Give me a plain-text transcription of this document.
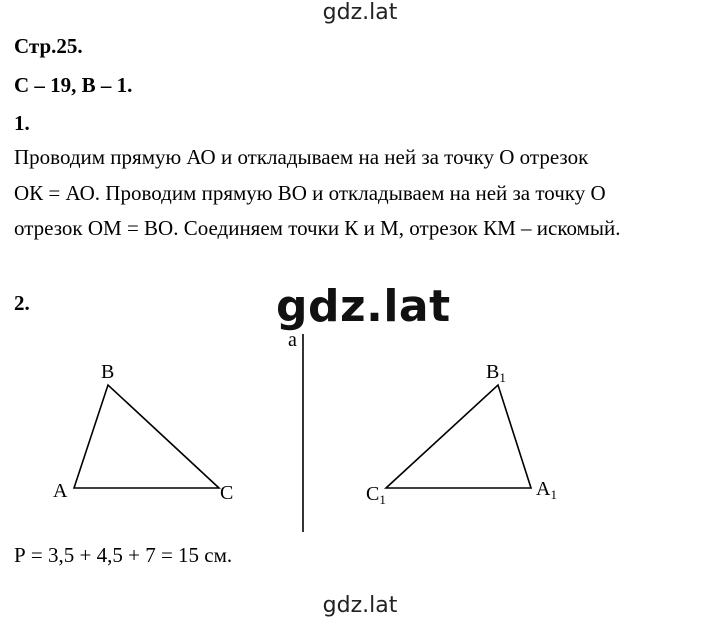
gdz.lat
Стр.25.
С – 19, В – 1.
1.
Проводим прямую АО и откладываем на ней за точку О отрезок
ОК = АО. Проводим прямую ВО и откладываем на ней за точку О
отрезок ОМ = ВО. Соединяем точки К и М, отрезок КМ – искомый.
2.	gdz.lat
a
B
A	C
$B_1$
$C_1$	$A_1$
Р = 3,5 + 4,5 + 7 = 15 см.
gdz.lat
